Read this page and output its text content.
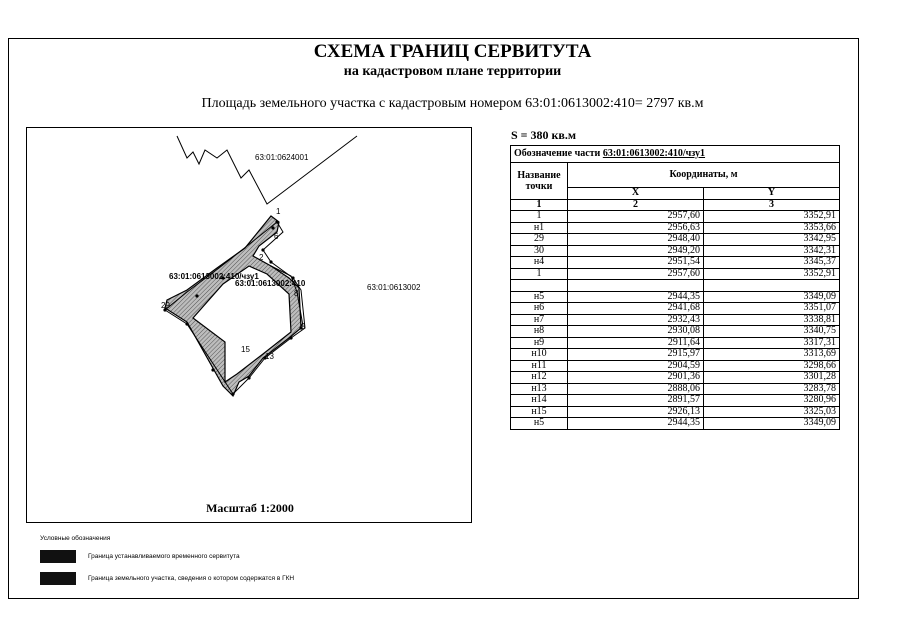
СХЕМА ГРАНИЦ СЕРВИТУТА
на кадастровом плане территории
Площадь земельного участка с кадастровым номером 63:01:0613002:410= 2797 кв.м
63:01:0624001
63:01:0613002
63:01:0613002:410/чзу1
63:01:0613002:410
1
6
8
9
29
2
15
13
Масштаб 1:2000
S = 380 кв.м
Обозначение части 63:01:0613002:410/чзу1		
Название точки	Координаты, м	
	X	Y
1	2	3
1	2957,60	3352,91
н1	2956,63	3353,66
29	2948,40	3342,95
30	2949,20	3342,31
н4	2951,54	3345,37
1	2957,60	3352,91

н5	2944,35	3349,09
н6	2941,68	3351,07
н7	2932,43	3338,81
н8	2930,08	3340,75
н9	2911,64	3317,31
н10	2915,97	3313,69
н11	2904,59	3298,66
н12	2901,36	3301,28
н13	2888,06	3283,78
н14	2891,57	3280,96
н15	2926,13	3325,03
н5	2944,35	3349,09
Условные обозначения
Граница устанавливаемого временного сервитута
Граница земельного участка, сведения о котором содержатся в ГКН
